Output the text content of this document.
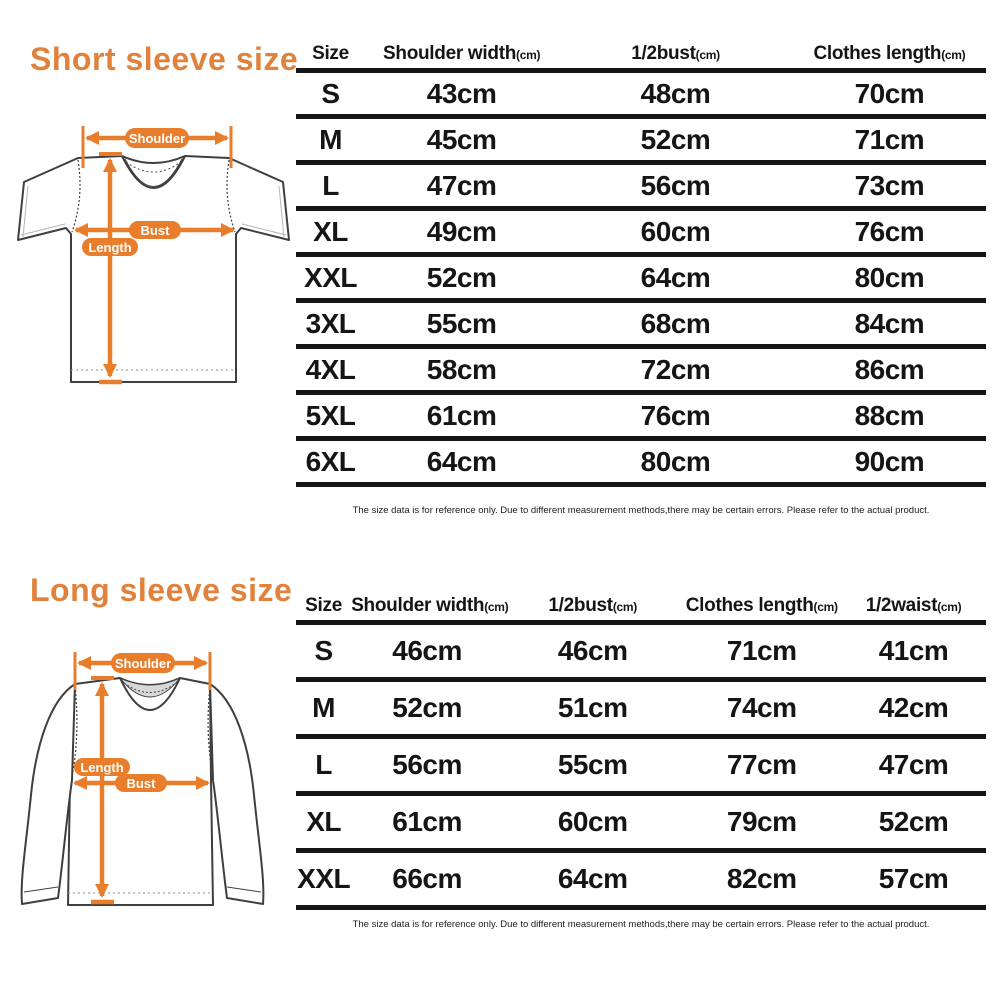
Short sleeve size
Shoulder
Bust
Length
Size	Shoulder width(cm)	1/2bust(cm)	Clothes length(cm)
S	43cm	48cm	70cm
M	45cm	52cm	71cm
L	47cm	56cm	73cm
XL	49cm	60cm	76cm
XXL	52cm	64cm	80cm
3XL	55cm	68cm	84cm
4XL	58cm	72cm	86cm
5XL	61cm	76cm	88cm
6XL	64cm	80cm	90cm
The size data is for reference only. Due to different measurement methods,there may be certain errors. Please refer to the actual product.
Long sleeve size
Shoulder
Length
Bust
Size	Shoulder width(cm)	1/2bust(cm)	Clothes length(cm)	1/2waist(cm)
S	46cm	46cm	71cm	41cm
M	52cm	51cm	74cm	42cm
L	56cm	55cm	77cm	47cm
XL	61cm	60cm	79cm	52cm
XXL	66cm	64cm	82cm	57cm
The size data is for reference only. Due to different measurement methods,there may be certain errors. Please refer to the actual product.
